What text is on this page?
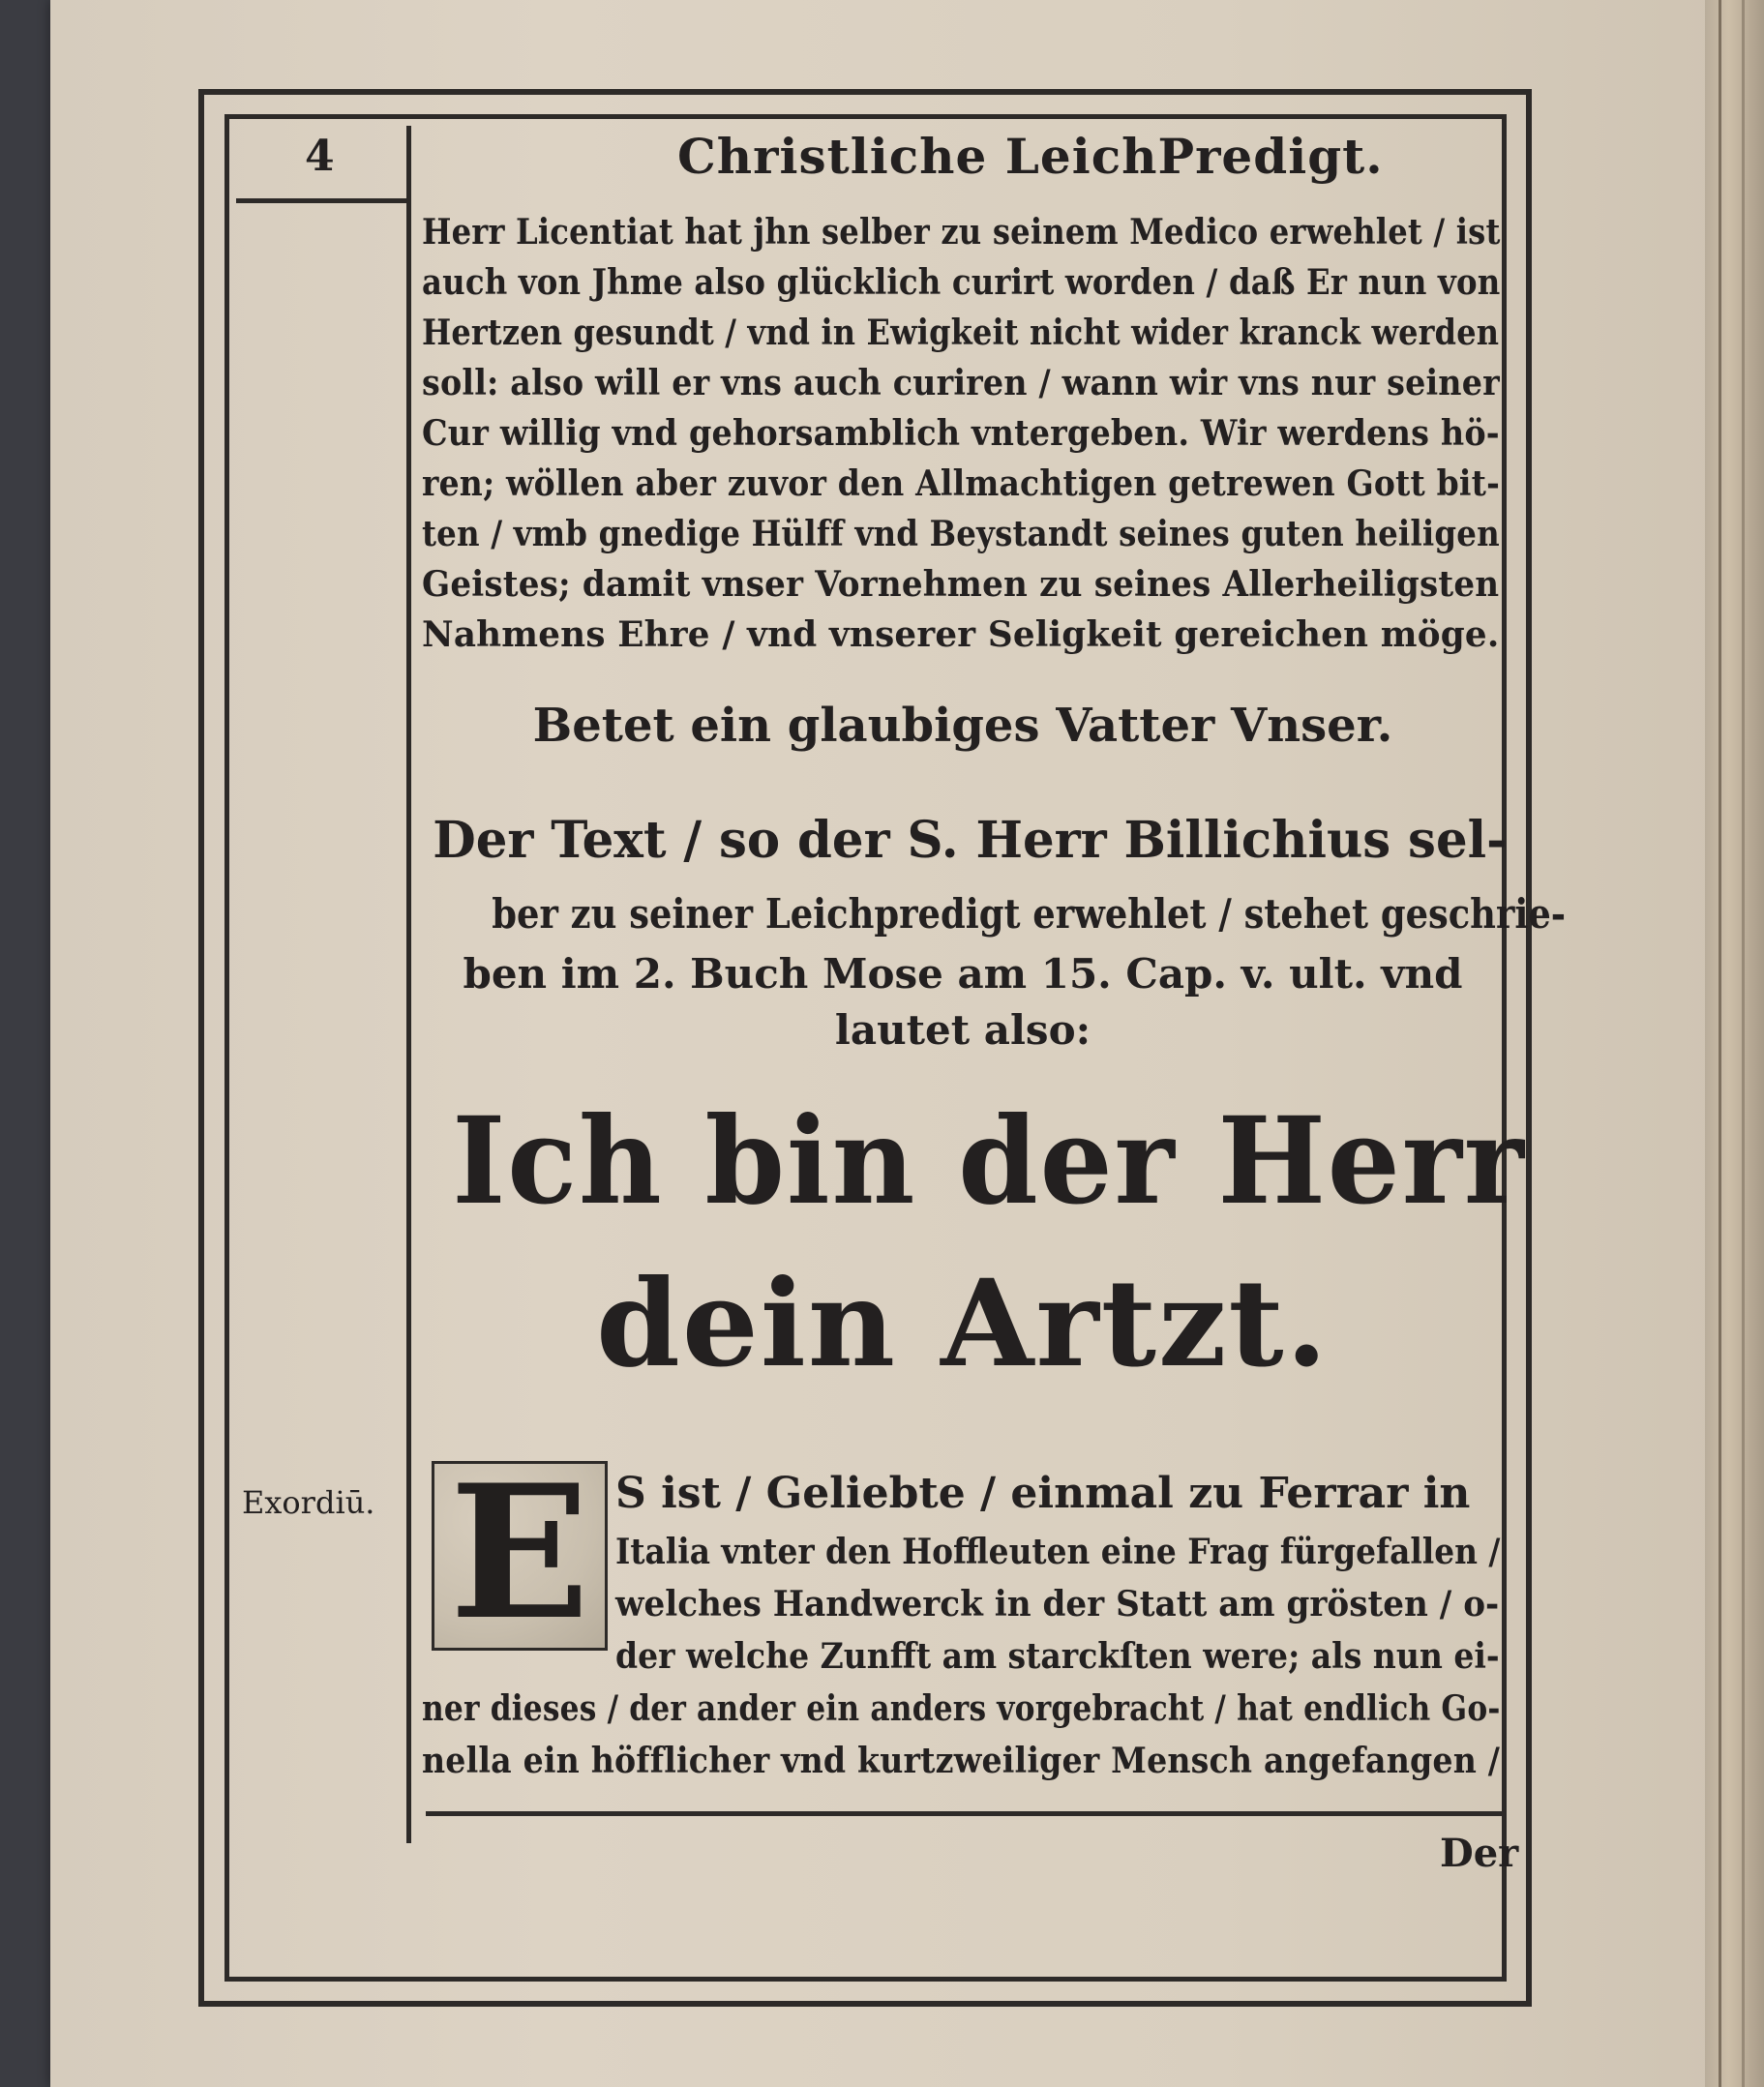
4	Christliche LeichPredigt.
Herr Licentiat hat jhn selber zu seinem Medico erwehlet / ist
auch von Jhme also glücklich curirt worden / daß Er nun von
Hertzen gesundt / vnd in Ewigkeit nicht wider kranck werden
soll: also will er vns auch curiren / wann wir vns nur seiner
Cur willig vnd gehorsamblich vntergeben. Wir werdens hö-
ren; wöllen aber zuvor den Allmachtigen getrewen Gott bit-
ten / vmb gnedige Hülff vnd Beystandt seines guten heiligen
Geistes; damit vnser Vornehmen zu seines Allerheiligsten
Nahmens Ehre / vnd vnserer Seligkeit gereichen möge.
Betet ein glaubiges Vatter Vnser.
Der Text / so der S. Herr Billichius sel-
ber zu seiner Leichpredigt erwehlet / stehet geschrie-
ben im 2. Buch Mose am 15. Cap. v. ult. vnd
lautet also:
Ich bin der Herr
dein Artzt.
Exordiū. E S ist / Geliebte / einmal zu Ferrar in
Italia vnter den Hoffleuten eine Frag fürgefallen /
welches Handwerck in der Statt am grösten / o-
der welche Zunfft am starckſten were; als nun ei-
ner dieses / der ander ein anders vorgebracht / hat endlich Go-
nella ein höfflicher vnd kurtzweiliger Mensch angefangen /
Der
